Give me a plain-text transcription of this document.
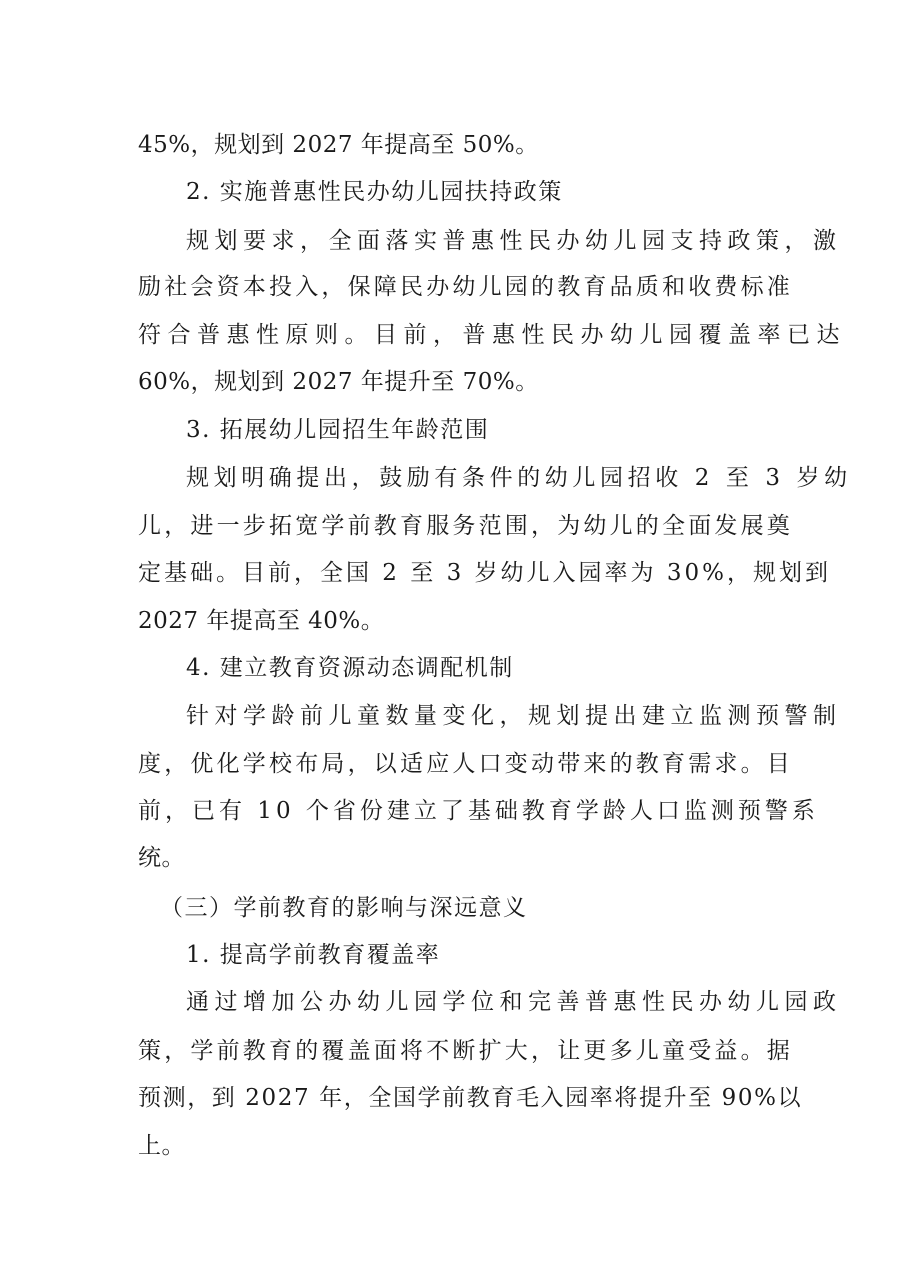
45%，规划到 2027 年提高至 50%。

2. 实施普惠性民办幼儿园扶持政策

规划要求，全面落实普惠性民办幼儿园支持政策，激

励社会资本投入，保障民办幼儿园的教育品质和收费标准

符合普惠性原则。目前，普惠性民办幼儿园覆盖率已达

60%，规划到 2027 年提升至 70%。

3. 拓展幼儿园招生年龄范围

规划明确提出，鼓励有条件的幼儿园招收 2 至 3 岁幼

儿，进一步拓宽学前教育服务范围，为幼儿的全面发展奠

定基础。目前，全国 2 至 3 岁幼儿入园率为 30%，规划到

2027 年提高至 40%。

4. 建立教育资源动态调配机制

针对学龄前儿童数量变化，规划提出建立监测预警制

度，优化学校布局，以适应人口变动带来的教育需求。目

前，已有 10 个省份建立了基础教育学龄人口监测预警系

统。

（三）学前教育的影响与深远意义

1. 提高学前教育覆盖率

通过增加公办幼儿园学位和完善普惠性民办幼儿园政

策，学前教育的覆盖面将不断扩大，让更多儿童受益。据

预测，到 2027 年，全国学前教育毛入园率将提升至 90%以

上。
